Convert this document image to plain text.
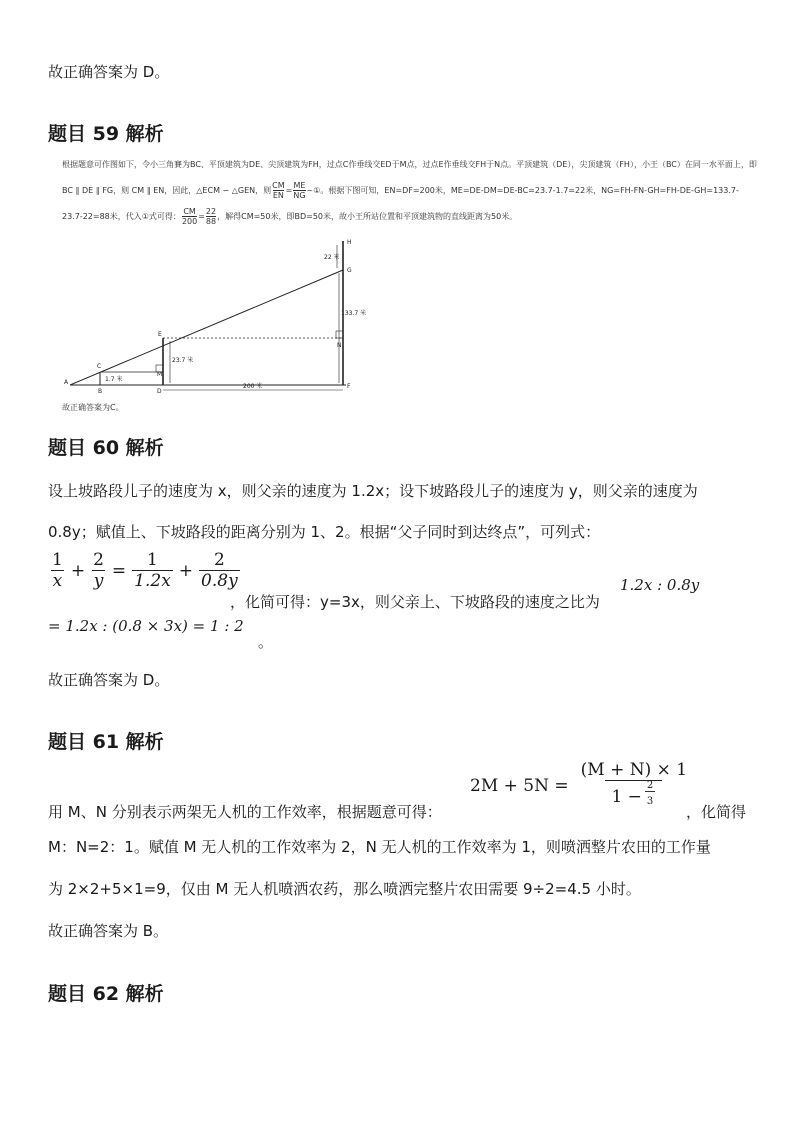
故正确答案为 D。
题目 59 解析
根据题意可作图如下，令小三角賽为BC、平顶建筑为DE、尖顶建筑为FH，过点C作垂线交ED于M点，过点E作垂线交FH于N点。平顶建筑（DE），尖顶建筑（FH），小王（BC）在同一水平面上，即
BC ∥ DE ∥ FG，则 CM ∥ EN，因此，△ECM ∽ △GEN，则 $\frac{CM}{EN} = \frac{ME}{NG}$ ~①。根据下图可知，EN=DF=200米，ME=DE-DM=DE-BC=23.7-1.7=22米，NG=FH-FN-GH=FH-DE-GH=133.7-
23.7-22=88米，代入①式可得： $\frac{CM}{200} = \frac{22}{88}$ ，解得CM=50米，即BD=50米，故小王所站位置和平顶建筑物的直线距离为50米。
A
B
C
D
E
M
N
F
G
H
1.7 米
23.7 米
200 米
22 米
133.7 米
故正确答案为C。
题目 60 解析
设上坡路段儿子的速度为 x，则父亲的速度为 1.2x；设下坡路段儿子的速度为 y，则父亲的速度为
0.8y；赋值上、下坡路段的距离分别为 1、2。根据“父子同时到达终点”，可列式：
$\frac{1}{x} + \frac{2}{y} = \frac{1}{1.2x} + \frac{2}{0.8y}$
，化简可得：y=3x，则父亲上、下坡路段的速度之比为
1.2x : 0.8y
= 1.2x : (0.8 × 3x) = 1 : 2
。
故正确答案为 D。
题目 61 解析
$2M + 5N = \frac{(M + N) \times 1}{1 - \frac{2}{3}}$
用 M、N 分别表示两架无人机的工作效率，根据题意可得：	，化简得
M：N=2：1。赋值 M 无人机的工作效率为 2，N 无人机的工作效率为 1，则喷洒整片农田的工作量
为 2×2+5×1=9，仅由 M 无人机喷洒农药，那么喷洒完整片农田需要 9÷2=4.5 小时。
故正确答案为 B。
题目 62 解析
